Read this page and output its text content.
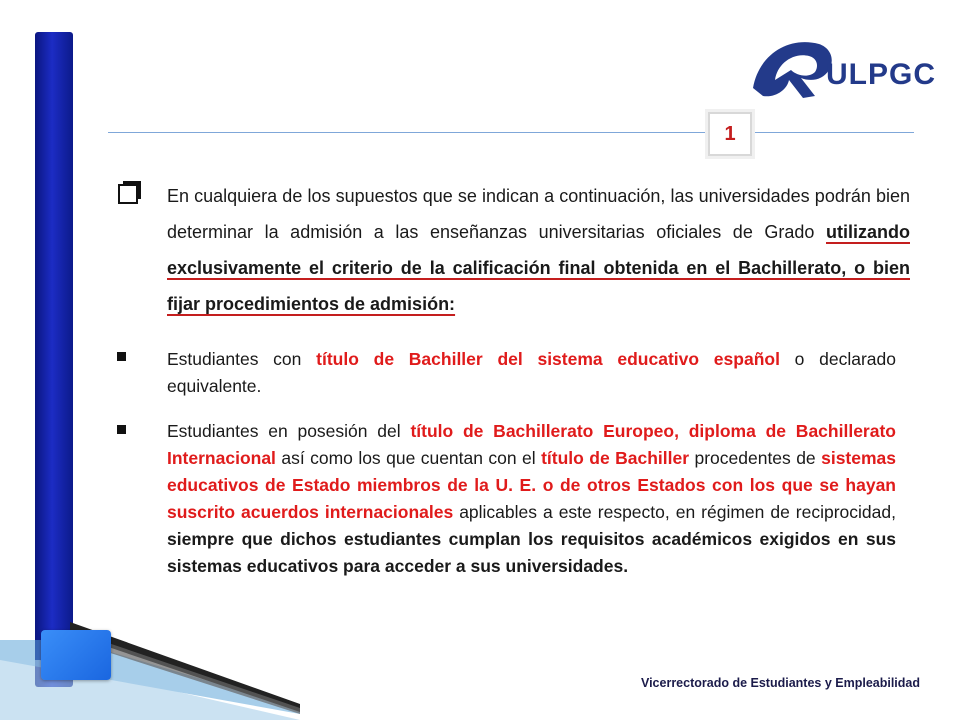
ULPGC
1
En cualquiera de los supuestos que se indican a continuación, las universidades podrán bien determinar la admisión a las enseñanzas universitarias oficiales de Grado utilizando exclusivamente el criterio de la calificación final obtenida en el Bachillerato, o bien fijar procedimientos de admisión:
Estudiantes con título de Bachiller del sistema educativo español o declarado equivalente.
Estudiantes en posesión del título de Bachillerato Europeo, diploma de Bachillerato Internacional así como los que cuentan con el título de Bachiller procedentes de sistemas educativos de Estado miembros de la U. E. o de otros Estados con los que se hayan suscrito acuerdos internacionales aplicables a este respecto, en régimen de reciprocidad, siempre que dichos estudiantes cumplan los requisitos académicos exigidos en sus sistemas educativos para acceder a sus universidades.
Vicerrectorado de Estudiantes y Empleabilidad
